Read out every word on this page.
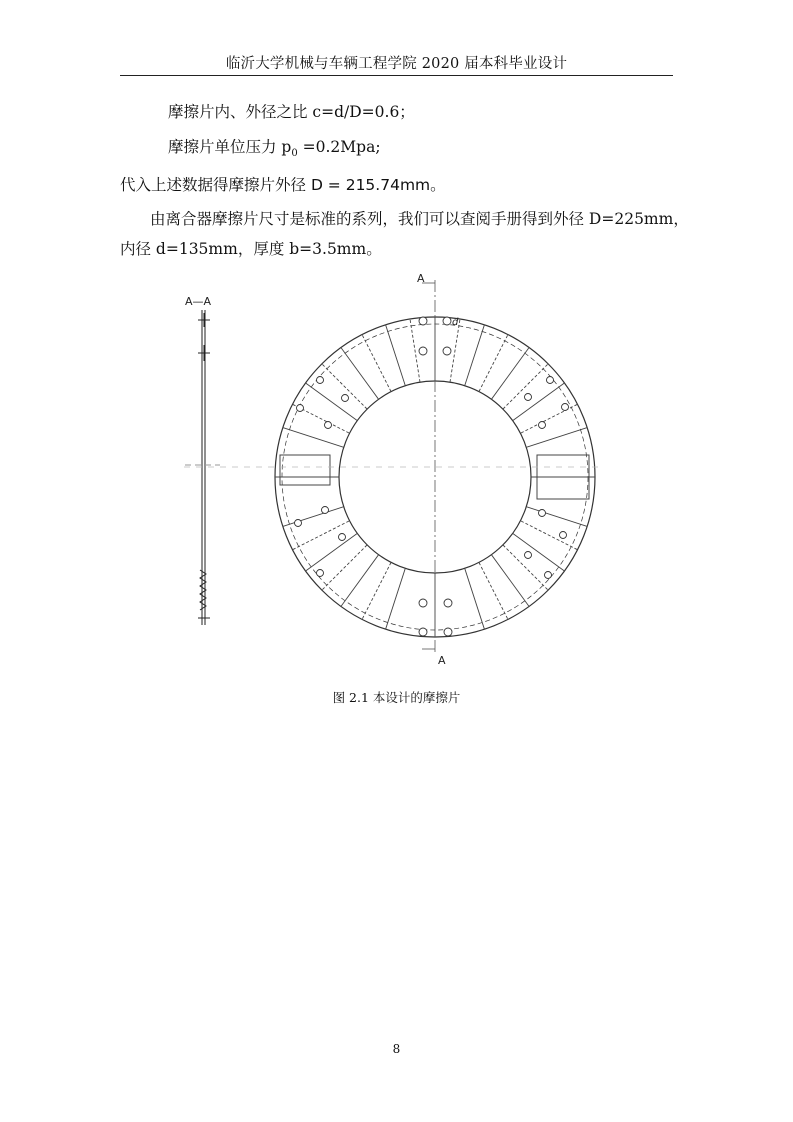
临沂大学机械与车辆工程学院 2020 届本科毕业设计
摩擦片内、外径之比 c=d/D=0.6；
摩擦片单位压力 $p_0 =0.2Mpa$;
代入上述数据得摩擦片外径 D = 215.74mm。
由离合器摩擦片尺寸是标准的系列，我们可以查阅手册得到外径 D=225mm，
内径 d=135mm，厚度 b=3.5mm。
A—A
A
A
d
图 2.1 本设计的摩擦片
8
